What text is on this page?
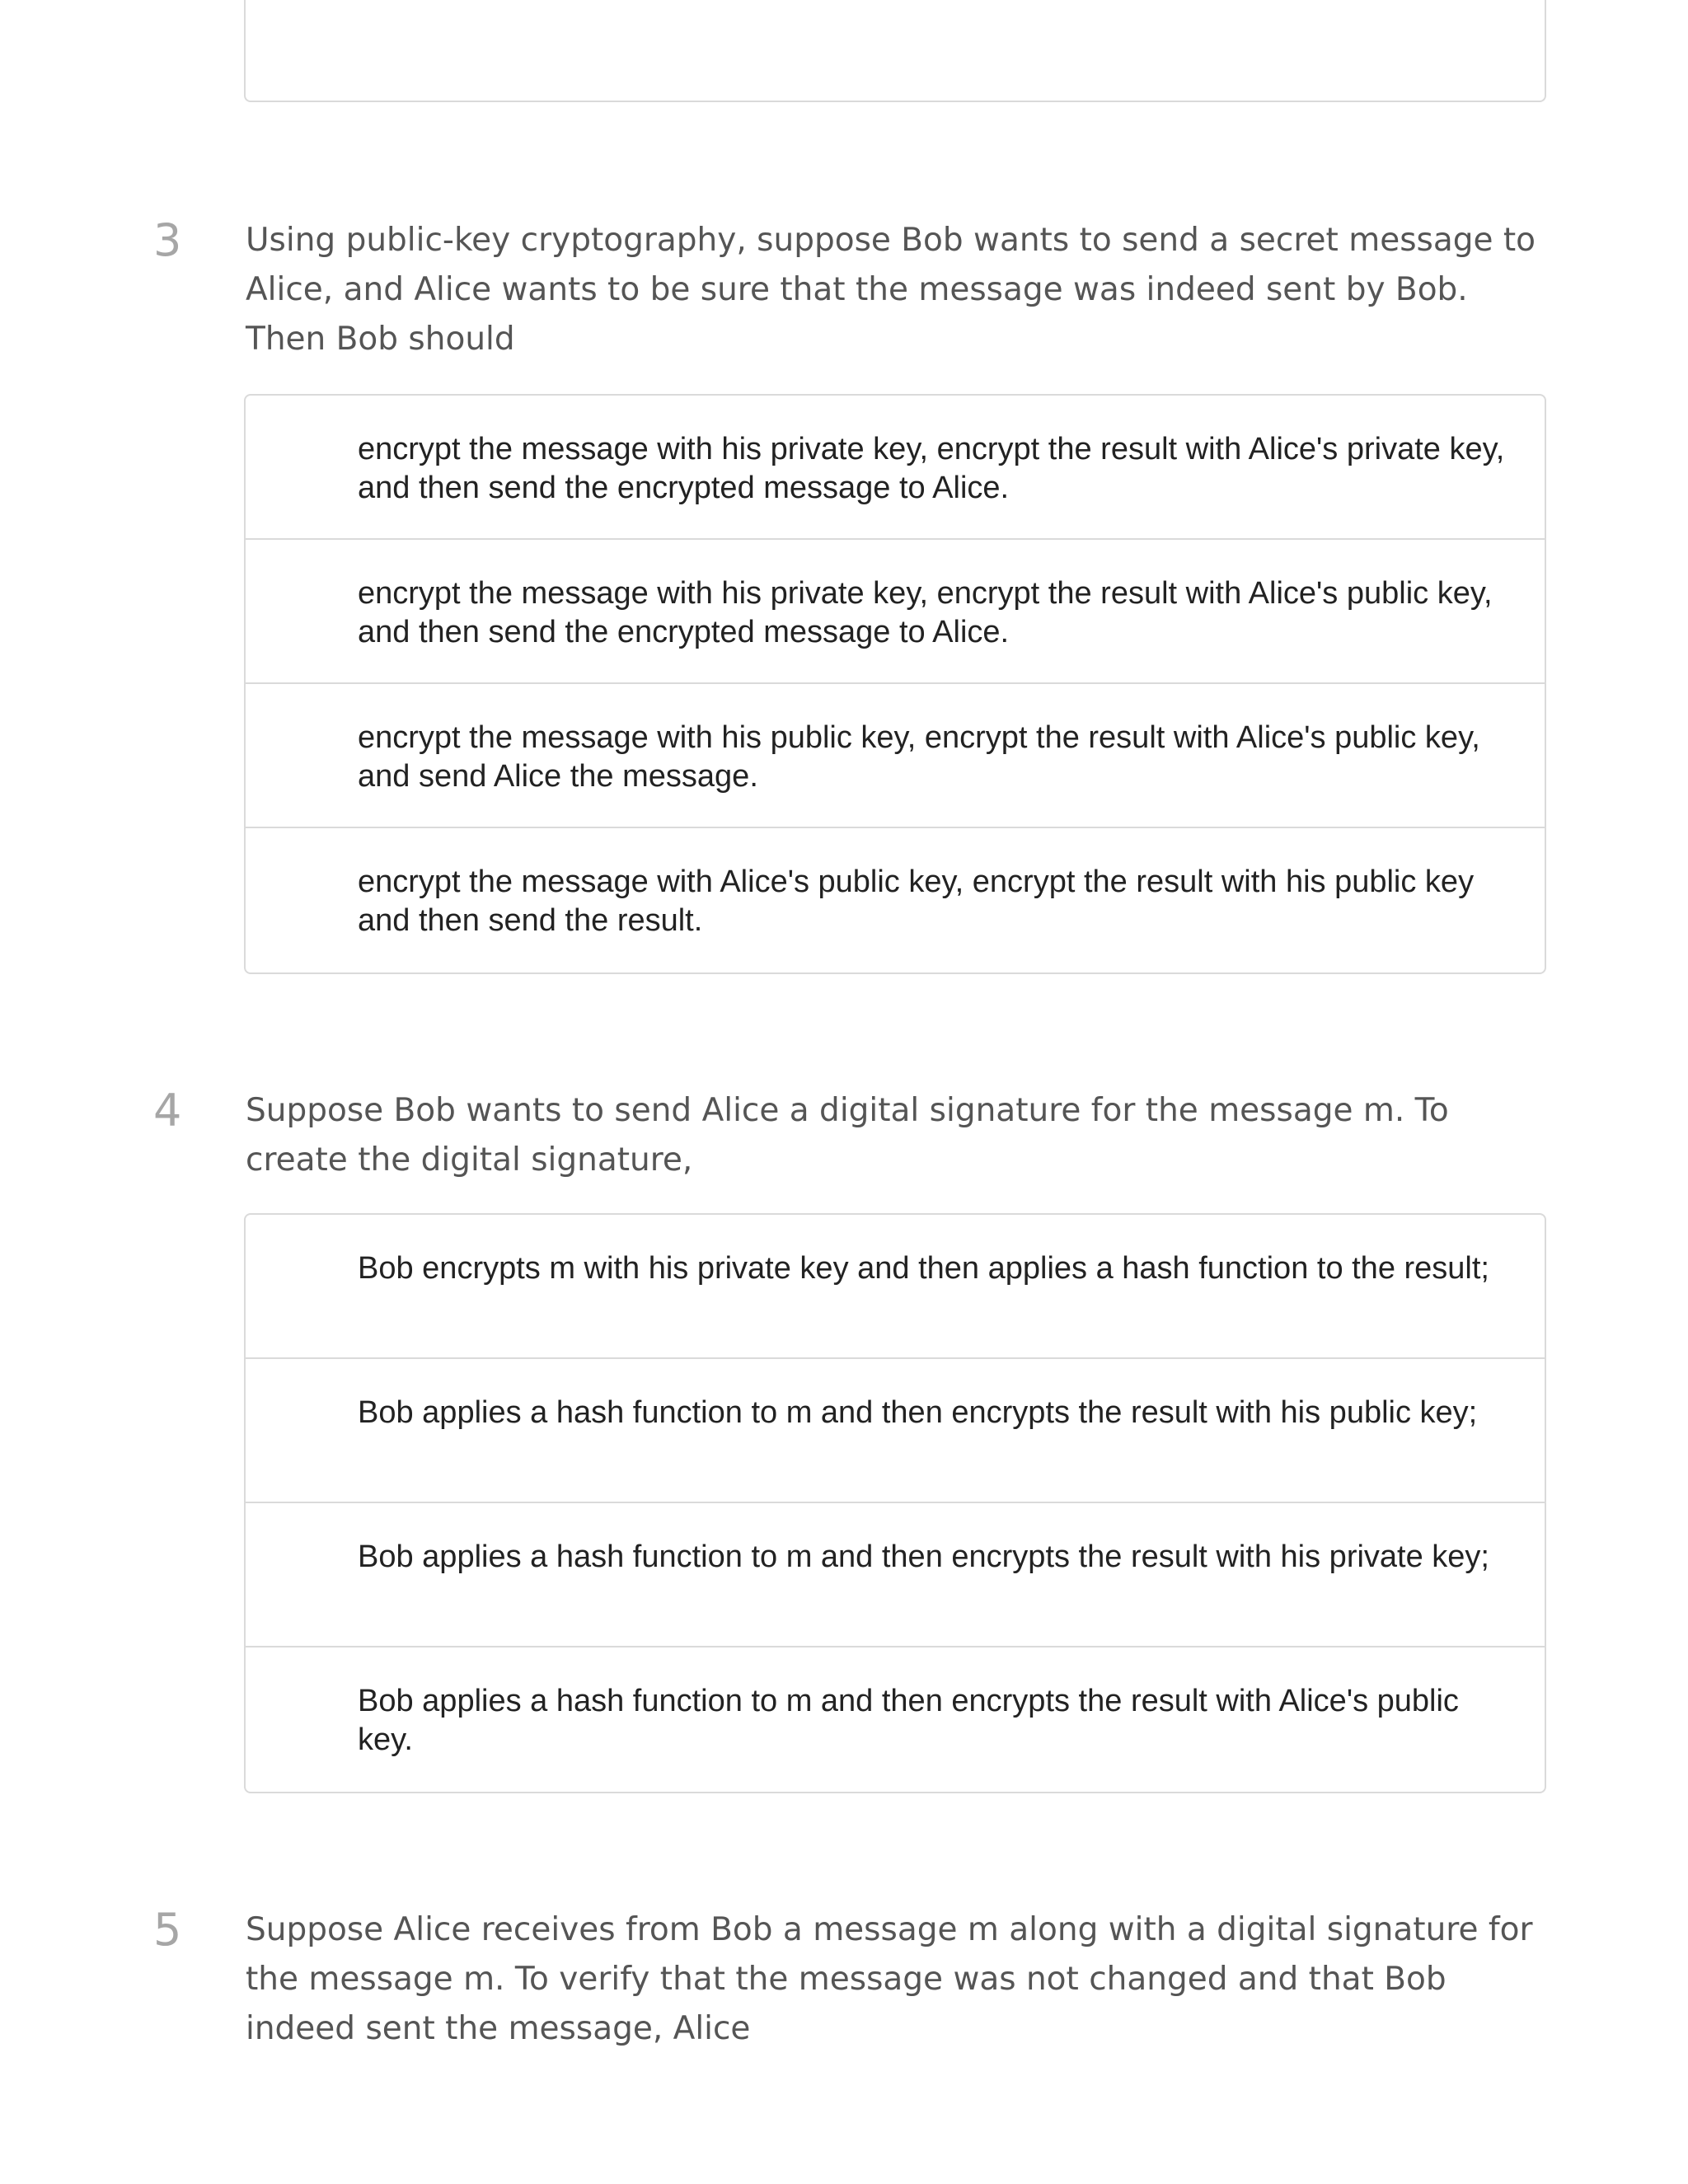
3 Using public-key cryptography, suppose Bob wants to send a secret message to Alice, and Alice wants to be sure that the message was indeed sent by Bob. Then Bob should
encrypt the message with his private key, encrypt the result with Alice's private key, and then send the encrypted message to Alice.
encrypt the message with his private key, encrypt the result with Alice's public key, and then send the encrypted message to Alice.
encrypt the message with his public key, encrypt the result with Alice's public key, and send Alice the message.
encrypt the message with Alice's public key, encrypt the result with his public key and then send the result.
4 Suppose Bob wants to send Alice a digital signature for the message m. To create the digital signature,
Bob encrypts m with his private key and then applies a hash function to the result;
Bob applies a hash function to m and then encrypts the result with his public key;
Bob applies a hash function to m and then encrypts the result with his private key;
Bob applies a hash function to m and then encrypts the result with Alice's public key.
5 Suppose Alice receives from Bob a message m along with a digital signature for the message m. To verify that the message was not changed and that Bob indeed sent the message, Alice
